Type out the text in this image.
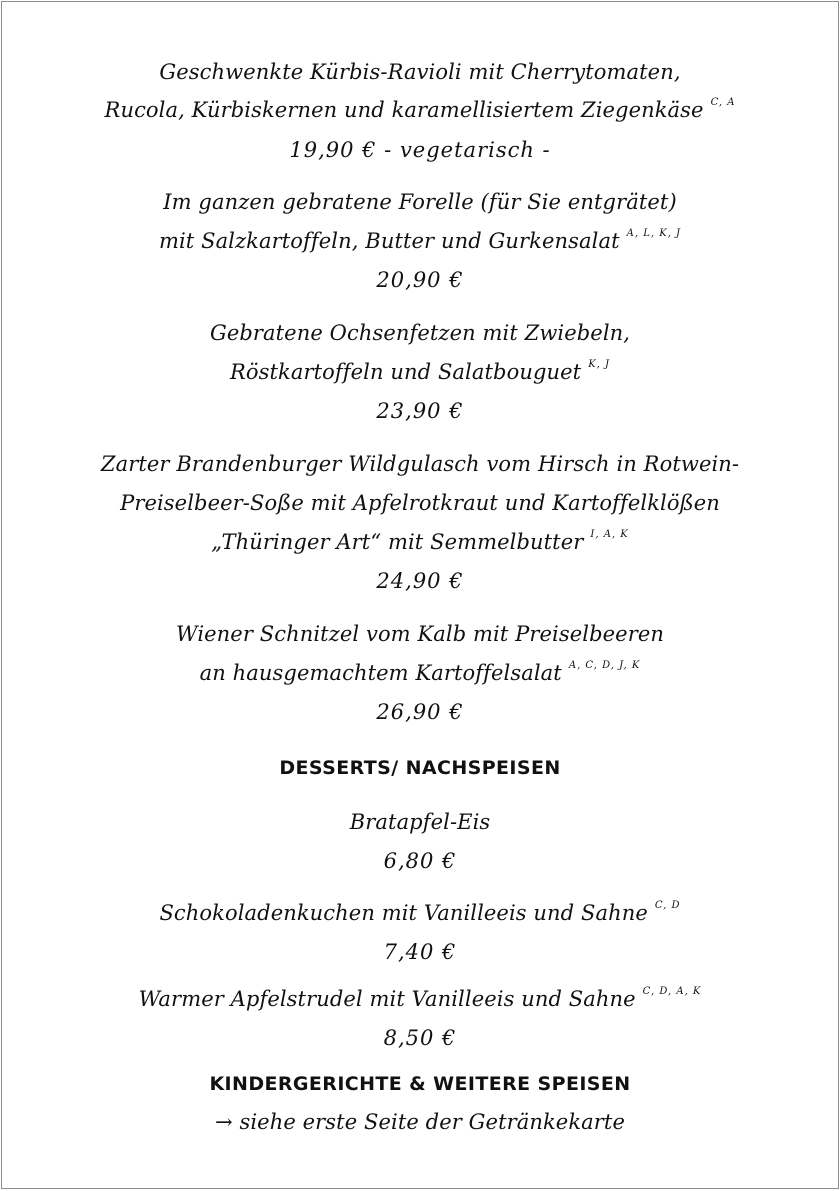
Geschwenkte Kürbis-Ravioli mit Cherrytomaten,
Rucola, Kürbiskernen und karamellisiertem Ziegenkäse $^{C, A}$
19,90 € - vegetarisch -
Im ganzen gebratene Forelle (für Sie entgrätet)
mit Salzkartoffeln, Butter und Gurkensalat $^{A, L, K, J}$
20,90 €
Gebratene Ochsenfetzen mit Zwiebeln,
Röstkartoffeln und Salatbouguet $^{K, J}$
23,90 €
Zarter Brandenburger Wildgulasch vom Hirsch in Rotwein-
Preiselbeer-Soße mit Apfelrotkraut und Kartoffelklößen
„Thüringer Art“ mit Semmelbutter $^{I, A, K}$
24,90 €
Wiener Schnitzel vom Kalb mit Preiselbeeren
an hausgemachtem Kartoffelsalat $^{A, C, D, J, K}$
26,90 €
DESSERTS/ NACHSPEISEN
Bratapfel-Eis
6,80 €
Schokoladenkuchen mit Vanilleeis und Sahne $^{C, D}$
7,40 €
Warmer Apfelstrudel mit Vanilleeis und Sahne $^{C, D, A, K}$
8,50 €
KINDERGERICHTE & WEITERE SPEISEN
→ siehe erste Seite der Getränkekarte
